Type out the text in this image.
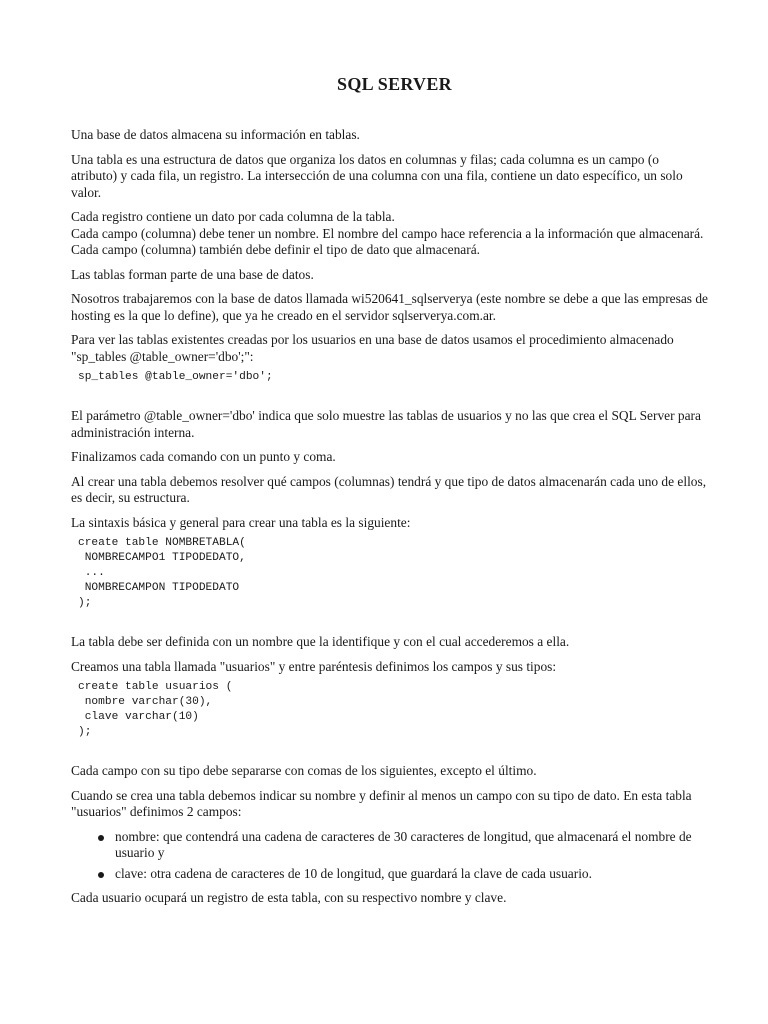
SQL SERVER

Una base de datos almacena su información en tablas.

Una tabla es una estructura de datos que organiza los datos en columnas y filas; cada columna es un campo (o atributo) y cada fila, un registro. La intersección de una columna con una fila, contiene un dato específico, un solo valor.

Cada registro contiene un dato por cada columna de la tabla.

Cada campo (columna) debe tener un nombre. El nombre del campo hace referencia a la información que almacenará.

Cada campo (columna) también debe definir el tipo de dato que almacenará.

Las tablas forman parte de una base de datos.

Nosotros trabajaremos con la base de datos llamada wi520641_sqlserverya (este nombre se debe a que las empresas de hosting es la que lo define), que ya he creado en el servidor sqlserverya.com.ar.

Para ver las tablas existentes creadas por los usuarios en una base de datos usamos el procedimiento almacenado "sp_tables @table_owner='dbo';":

sp_tables @table_owner='dbo';

El parámetro @table_owner='dbo' indica que solo muestre las tablas de usuarios y no las que crea el SQL Server para administración interna.

Finalizamos cada comando con un punto y coma.

Al crear una tabla debemos resolver qué campos (columnas) tendrá y que tipo de datos almacenarán cada uno de ellos, es decir, su estructura.

La sintaxis básica y general para crear una tabla es la siguiente:

create table NOMBRETABLA(
NOMBRECAMPO1 TIPODEDATO,
...
NOMBRECAMPON TIPODEDATO
);

La tabla debe ser definida con un nombre que la identifique y con el cual accederemos a ella.

Creamos una tabla llamada "usuarios" y entre paréntesis definimos los campos y sus tipos:

create table usuarios (
nombre varchar(30),
clave varchar(10)
);

Cada campo con su tipo debe separarse con comas de los siguientes, excepto el último.

Cuando se crea una tabla debemos indicar su nombre y definir al menos un campo con su tipo de dato. En esta tabla "usuarios" definimos 2 campos:

nombre: que contendrá una cadena de caracteres de 30 caracteres de longitud, que almacenará el nombre de usuario y
clave: otra cadena de caracteres de 10 de longitud, que guardará la clave de cada usuario.

Cada usuario ocupará un registro de esta tabla, con su respectivo nombre y clave.
